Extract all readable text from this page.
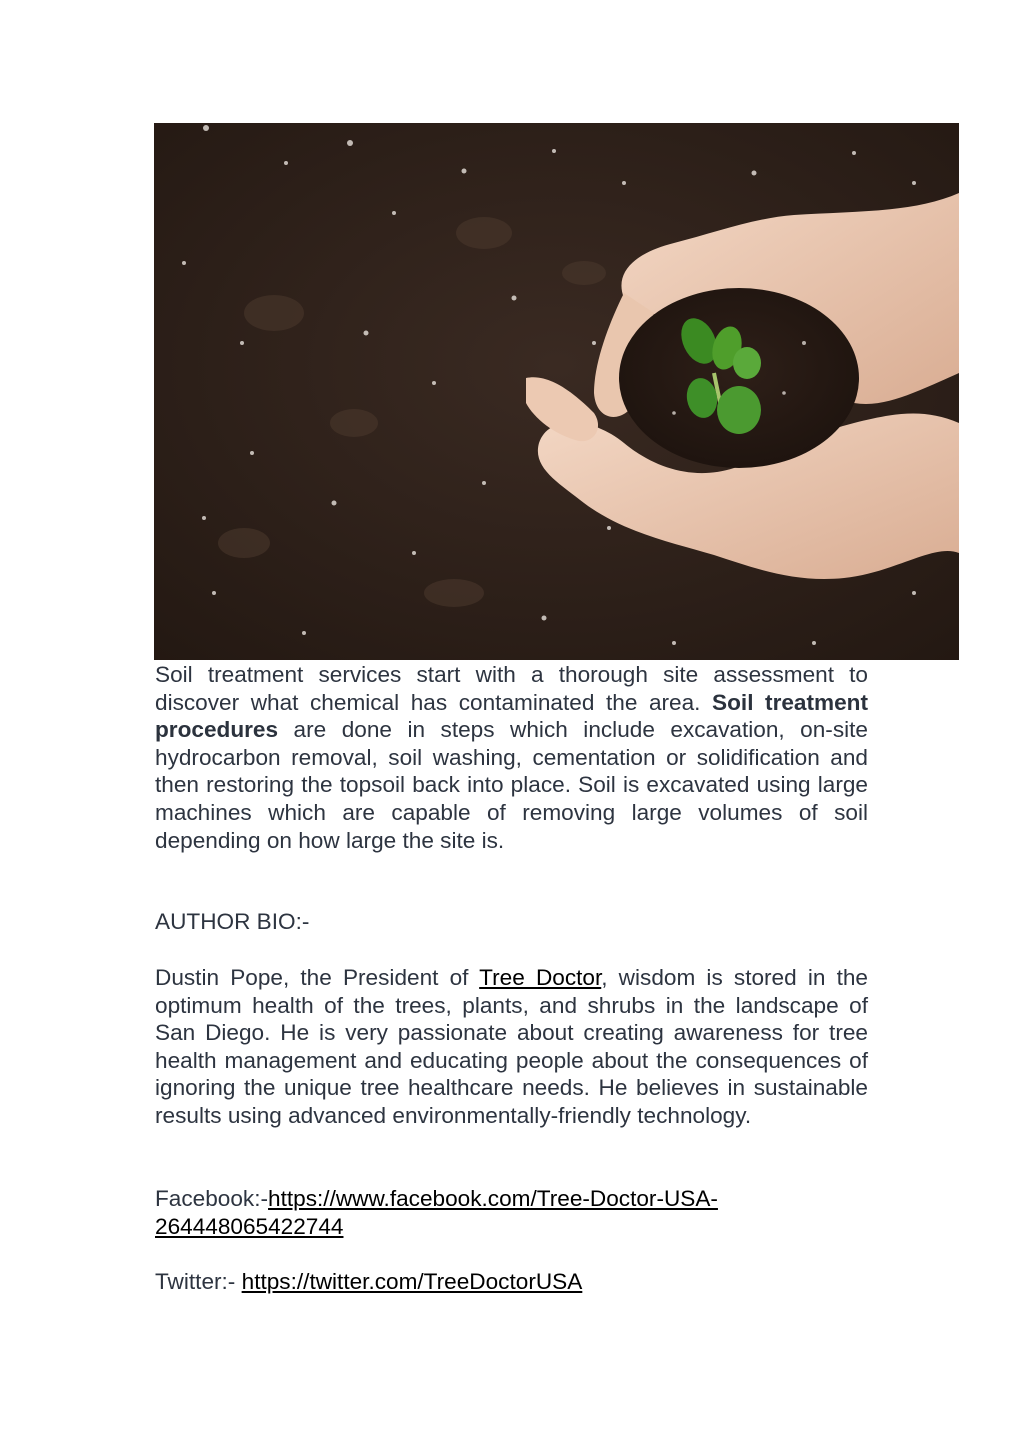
Soil treatment services start with a thorough site assessment to discover what chemical has contaminated the area. Soil treatment procedures are done in steps which include excavation, on-site hydrocarbon removal, soil washing, cementation or solidification and then restoring the topsoil back into place. Soil is excavated using large machines which are capable of removing large volumes of soil depending on how large the site is.

AUTHOR BIO:-

Dustin Pope, the President of Tree Doctor, wisdom is stored in the optimum health of the trees, plants, and shrubs in the landscape of San Diego. He is very passionate about creating awareness for tree health management and educating people about the consequences of ignoring the unique tree healthcare needs. He believes in sustainable results using advanced environmentally-friendly technology.

Facebook:-https://www.facebook.com/Tree-Doctor-USA-264448065422744
Twitter:- https://twitter.com/TreeDoctorUSA
